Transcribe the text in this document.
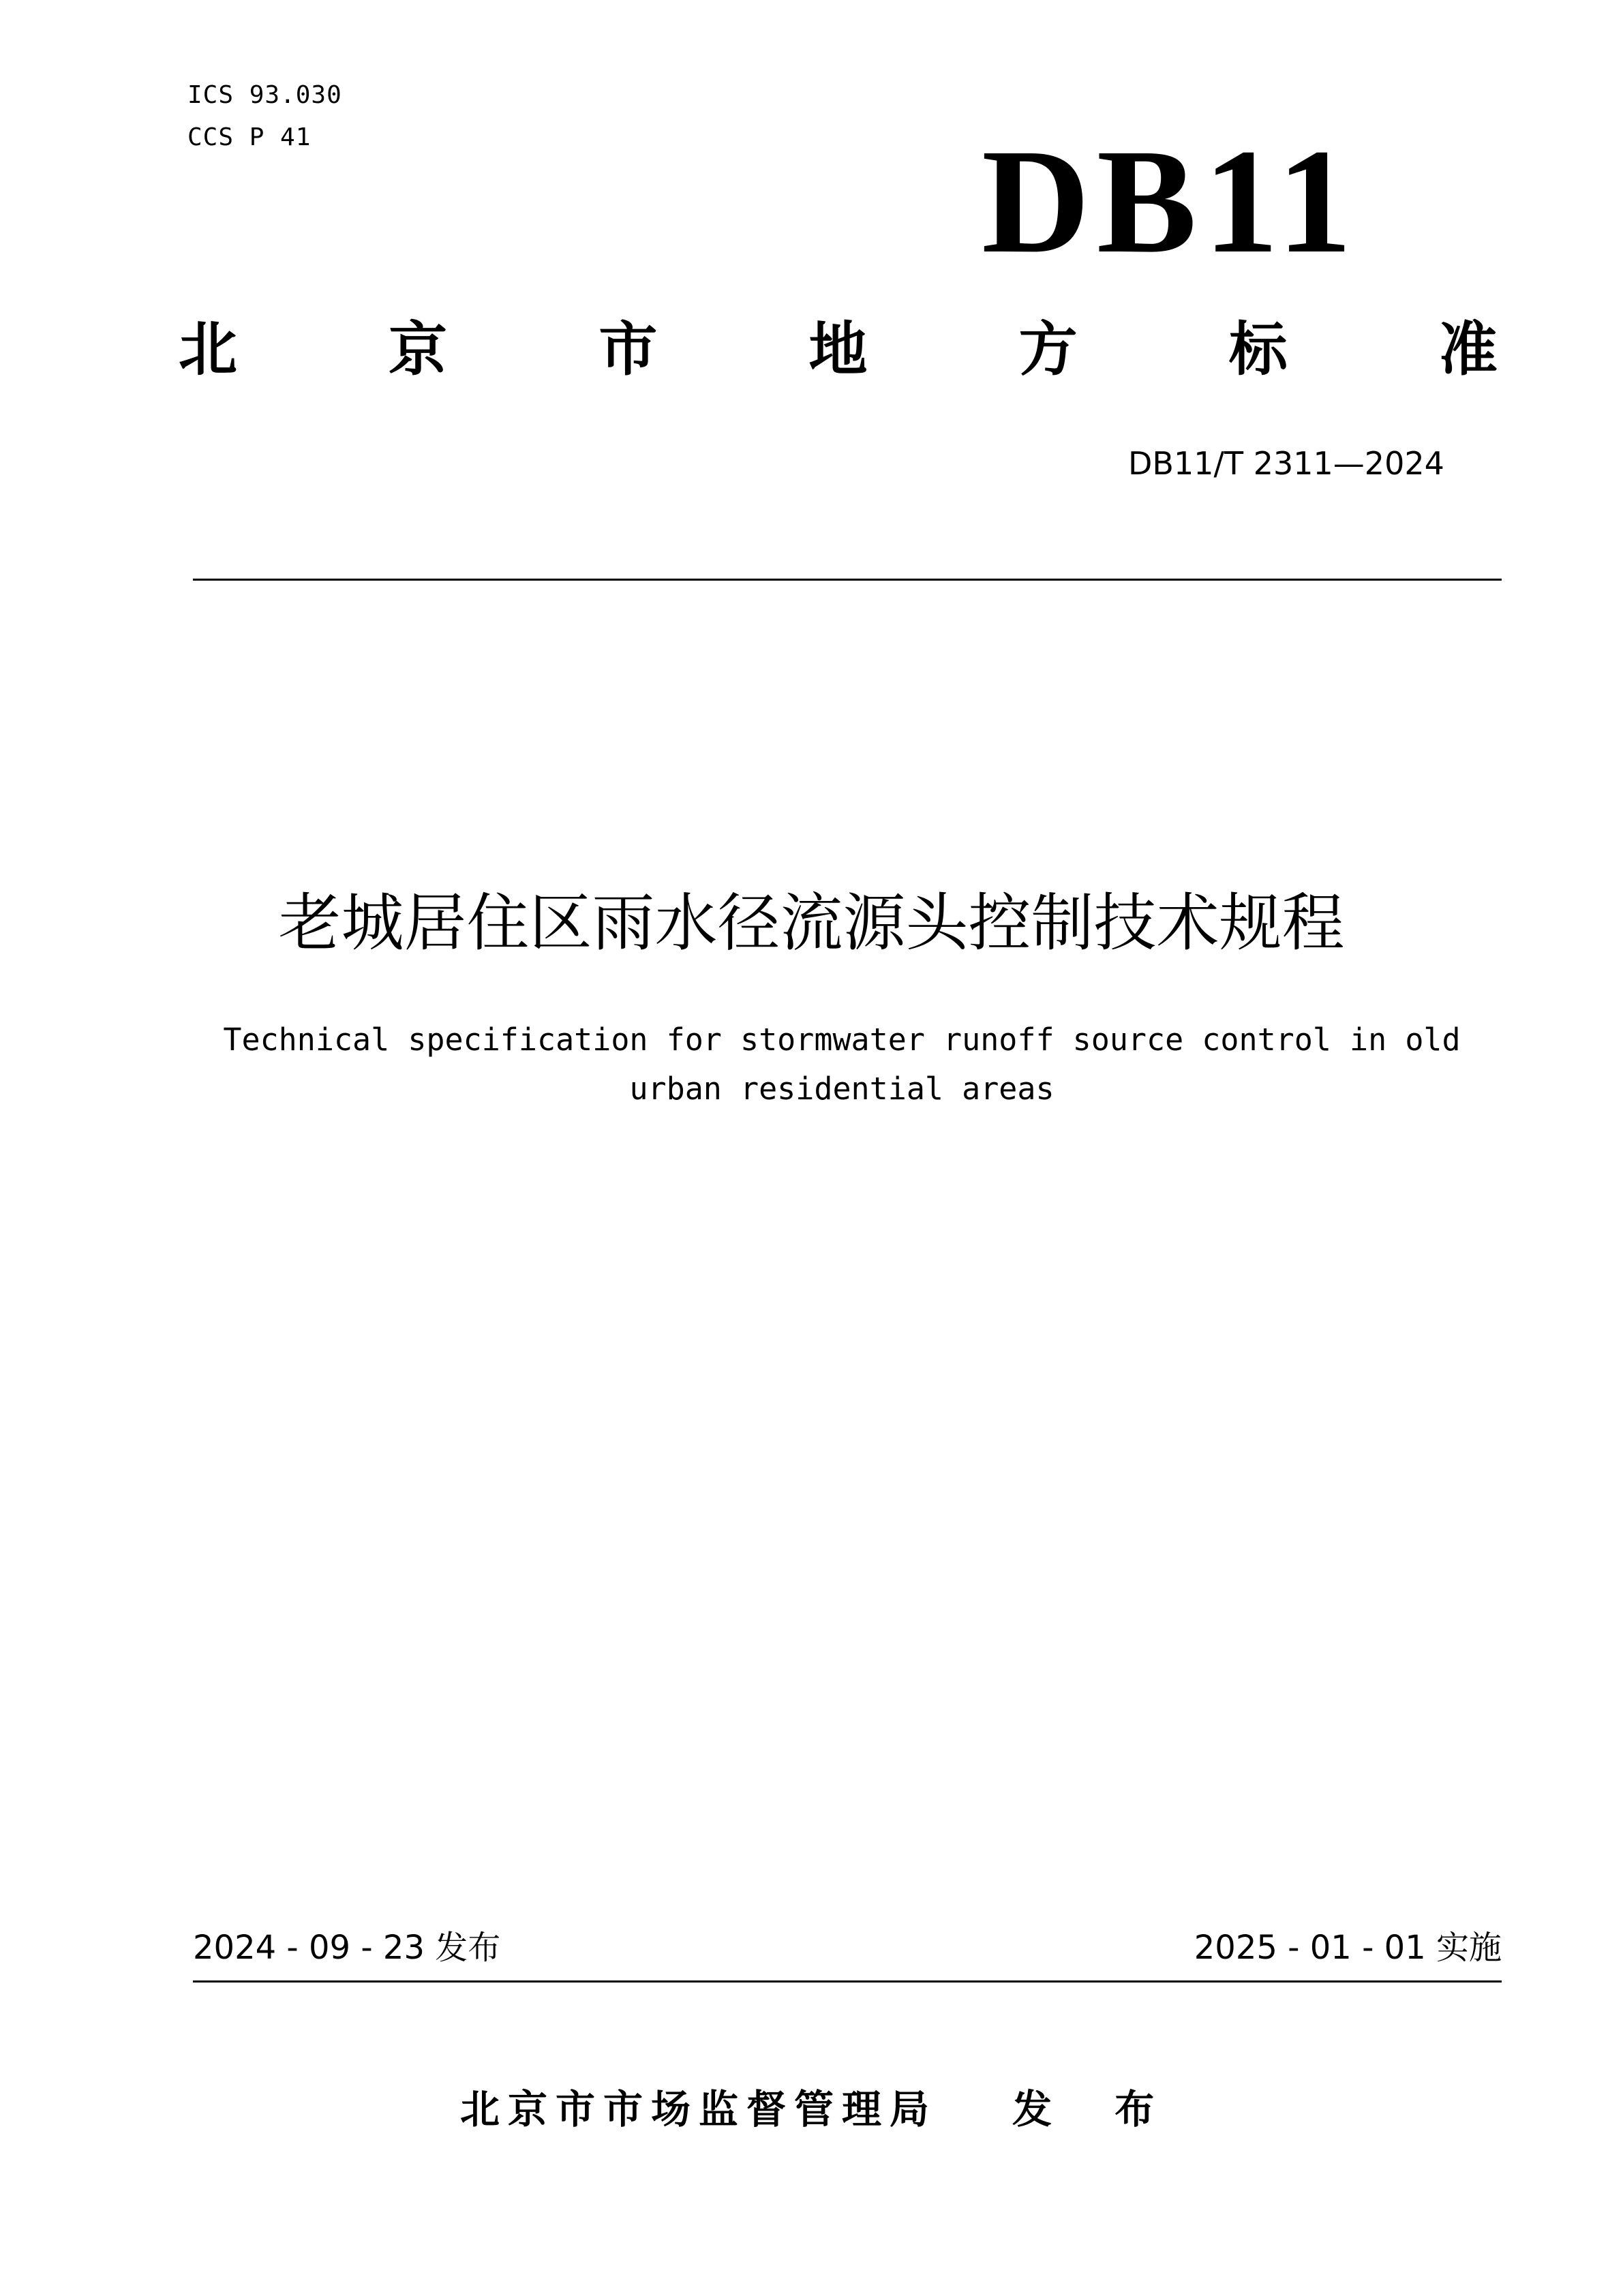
ICS 93.030
CCS P 41	DB11
北	京	市	地	方	标	准
DB11/T 2311—2024
老城居住区雨水径流源头控制技术规程
Technical specification for stormwater runoff source control in old
urban residential areas
2024 - 09 - 23 发布	2025 - 01 - 01 实施
北京市市场监督管理局 发 布
